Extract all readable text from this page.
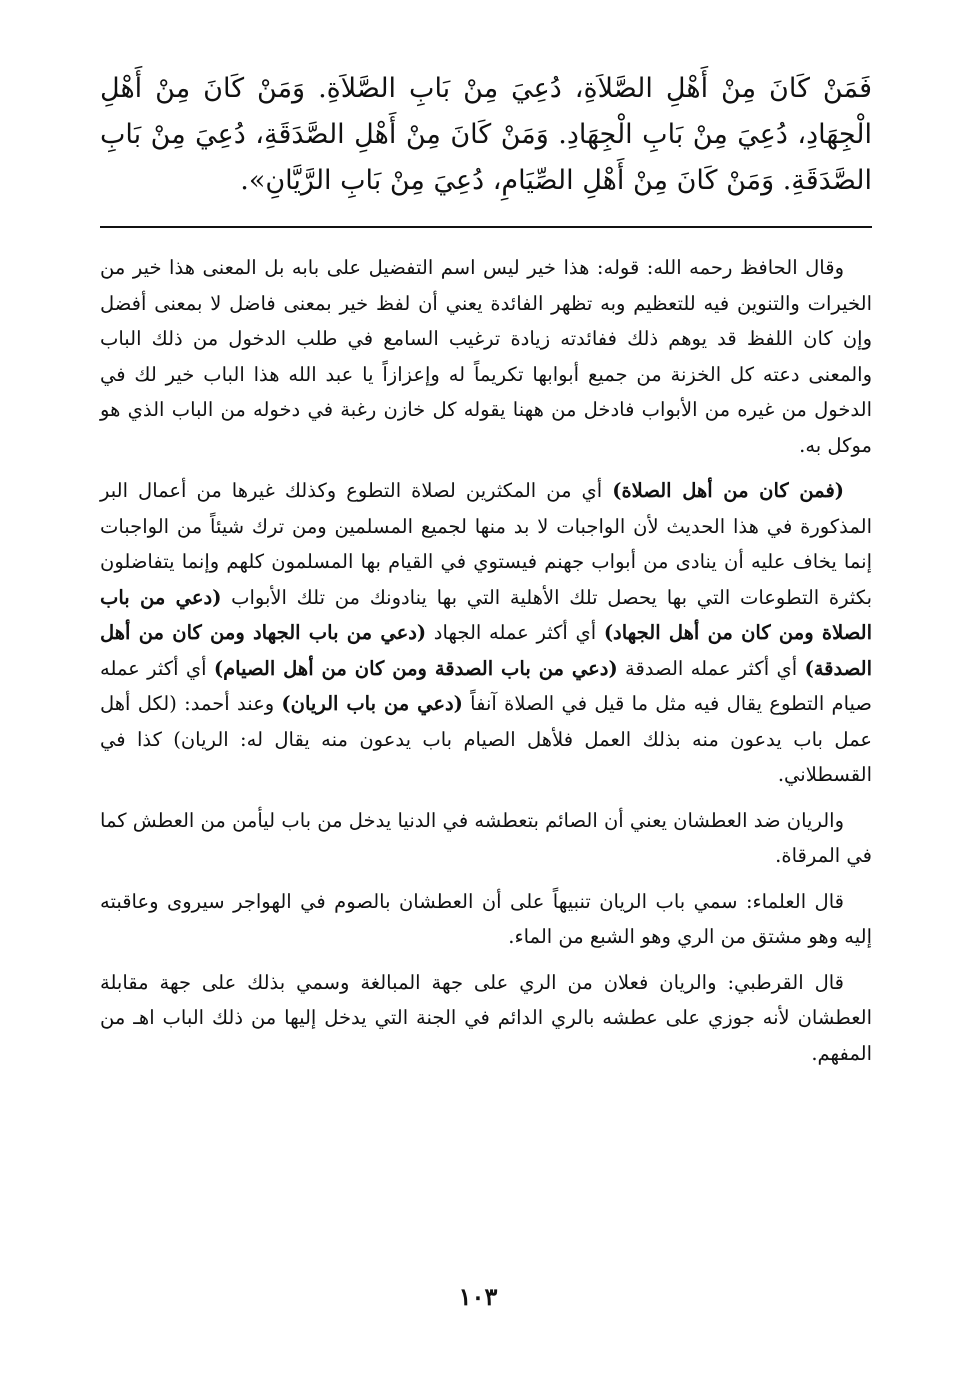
فَمَنْ كَانَ مِنْ أَهْلِ الصَّلاَةِ، دُعِيَ مِنْ بَابِ الصَّلاَةِ. وَمَنْ كَانَ مِنْ أَهْلِ الْجِهَادِ، دُعِيَ مِنْ بَابِ الْجِهَادِ. وَمَنْ كَانَ مِنْ أَهْلِ الصَّدَقَةِ، دُعِيَ مِنْ بَابِ الصَّدَقَةِ. وَمَنْ كَانَ مِنْ أَهْلِ الصِّيَامِ، دُعِيَ مِنْ بَابِ الرَّيَّانِ».

وقال الحافظ رحمه الله: قوله: هذا خير ليس اسم التفضيل على بابه بل المعنى هذا خير من الخيرات والتنوين فيه للتعظيم وبه تظهر الفائدة يعني أن لفظ خير بمعنى فاضل لا بمعنى أفضل وإن كان اللفظ قد يوهم ذلك ففائدته زيادة ترغيب السامع في طلب الدخول من ذلك الباب والمعنى دعته كل الخزنة من جميع أبوابها تكريماً له وإعزازاً يا عبد الله هذا الباب خير لك في الدخول من غيره من الأبواب فادخل من ههنا يقوله كل خازن رغبة في دخوله من الباب الذي هو موكل به.

(فمن كان من أهل الصلاة) أي من المكثرين لصلاة التطوع وكذلك غيرها من أعمال البر المذكورة في هذا الحديث لأن الواجبات لا بد منها لجميع المسلمين ومن ترك شيئاً من الواجبات إنما يخاف عليه أن ينادى من أبواب جهنم فيستوي في القيام بها المسلمون كلهم وإنما يتفاضلون بكثرة التطوعات التي بها يحصل تلك الأهلية التي بها ينادونك من تلك الأبواب (دعي من باب الصلاة ومن كان من أهل الجهاد) أي أكثر عمله الجهاد (دعي من باب الجهاد ومن كان من أهل الصدقة) أي أكثر عمله الصدقة (دعي من باب الصدقة ومن كان من أهل الصيام) أي أكثر عمله صيام التطوع يقال فيه مثل ما قيل في الصلاة آنفاً (دعي من باب الريان) وعند أحمد: (لكل أهل عمل باب يدعون منه بذلك العمل فلأهل الصيام باب يدعون منه يقال له: الريان) كذا في القسطلاني.

والريان ضد العطشان يعني أن الصائم بتعطشه في الدنيا يدخل من باب ليأمن من العطش كما في المرقاة.

قال العلماء: سمي باب الريان تنبيهاً على أن العطشان بالصوم في الهواجر سيروى وعاقبته إليه وهو مشتق من الري وهو الشبع من الماء.

قال القرطبي: والريان فعلان من الري على جهة المبالغة وسمي بذلك على جهة مقابلة العطشان لأنه جوزي على عطشه بالري الدائم في الجنة التي يدخل إليها من ذلك الباب اهـ من المفهم.

١٠٣
